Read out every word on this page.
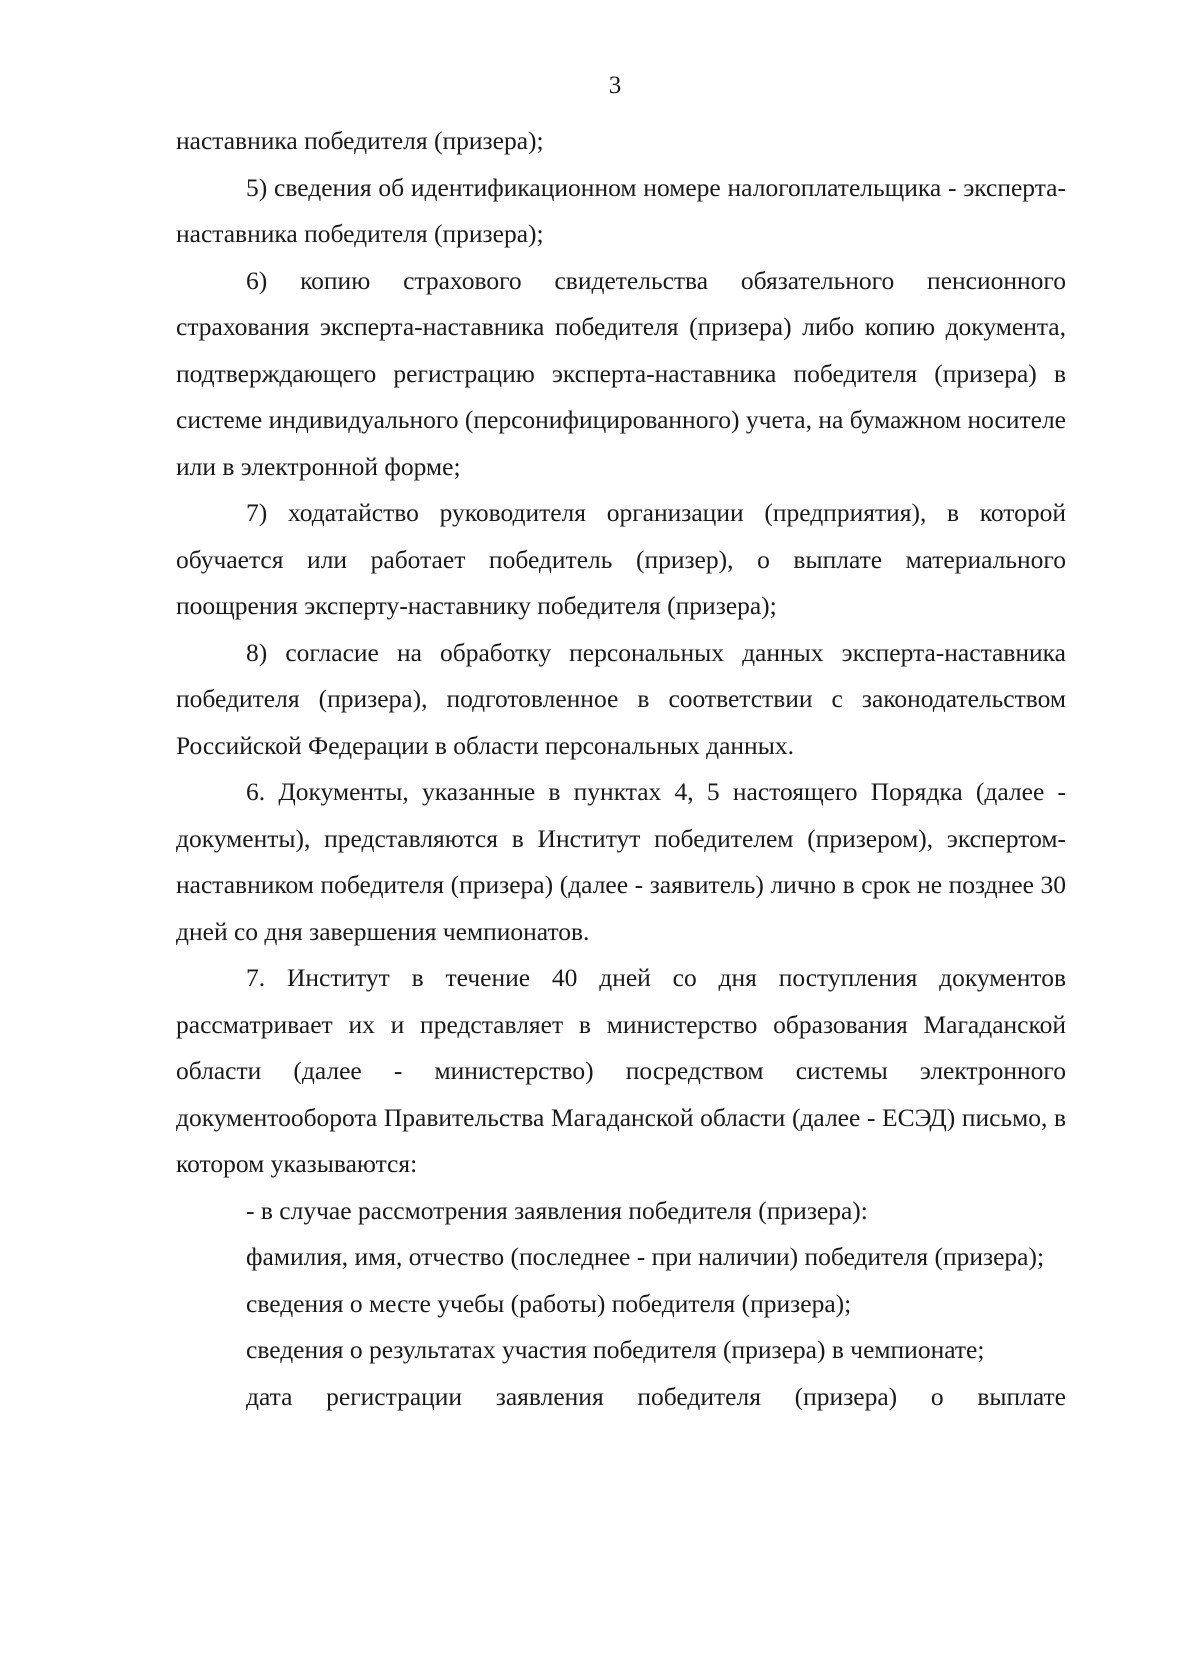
3

наставника победителя (призера);

5) сведения об идентификационном номере налогоплательщика - эксперта-наставника победителя (призера);

6) копию страхового свидетельства обязательного пенсионного страхования эксперта-наставника победителя (призера) либо копию документа, подтверждающего регистрацию эксперта-наставника победителя (призера) в системе индивидуального (персонифицированного) учета, на бумажном носителе или в электронной форме;

7) ходатайство руководителя организации (предприятия), в которой обучается или работает победитель (призер), о выплате материального поощрения эксперту-наставнику победителя (призера);

8) согласие на обработку персональных данных эксперта-наставника победителя (призера), подготовленное в соответствии с законодательством Российской Федерации в области персональных данных.

6. Документы, указанные в пунктах 4, 5 настоящего Порядка (далее - документы), представляются в Институт победителем (призером), экспертом-наставником победителя (призера) (далее - заявитель) лично в срок не позднее 30 дней со дня завершения чемпионатов.

7. Институт в течение 40 дней со дня поступления документов рассматривает их и представляет в министерство образования Магаданской области (далее - министерство) посредством системы электронного документооборота Правительства Магаданской области (далее - ЕСЭД) письмо, в котором указываются:

- в случае рассмотрения заявления победителя (призера):

фамилия, имя, отчество (последнее - при наличии) победителя (призера);

сведения о месте учебы (работы) победителя (призера);

сведения о результатах участия победителя (призера) в чемпионате;

дата регистрации заявления победителя (призера) о выплате
